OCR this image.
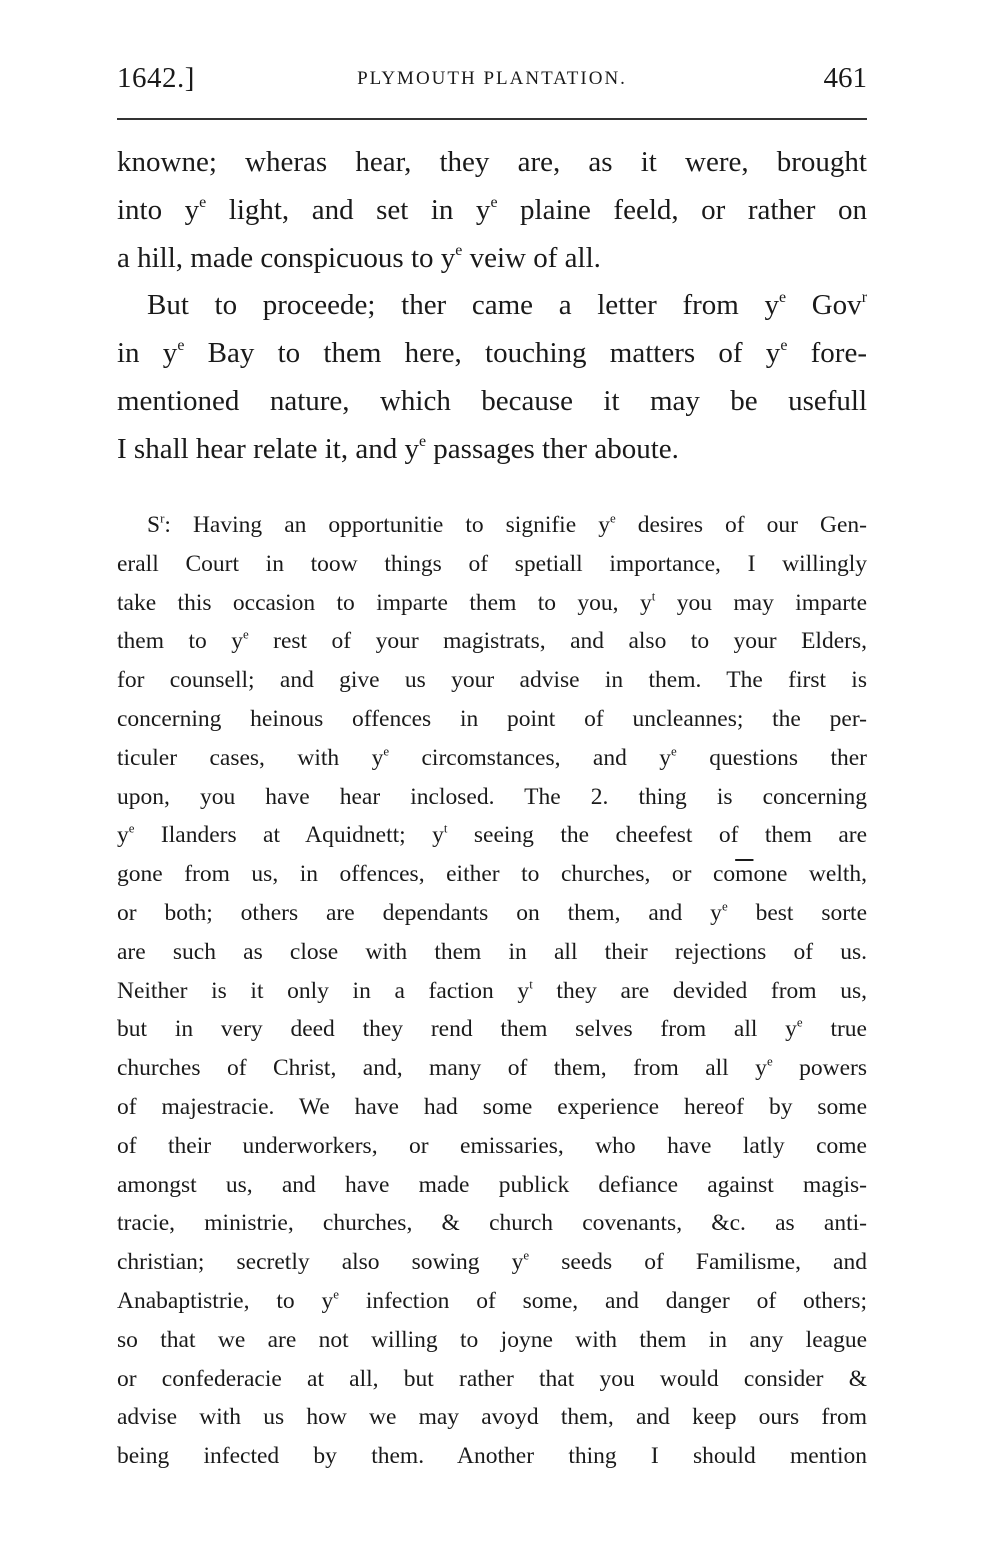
1642.]	PLYMOUTH PLANTATION.	461
knowne; wheras hear, they are, as it were, brought
into $y^e$ light, and set in $y^e$ plaine feeld, or rather on
a hill, made conspicuous to $y^e$ veiw of all.
But to proceede; ther came a letter from $y^e$ Gov$^r$
in $y^e$ Bay to them here, touching matters of $y^e$ fore-
mentioned nature, which because it may be usefull
I shall hear relate it, and $y^e$ passages ther aboute.
$S^r$: Having an opportunitie to signifie $y^e$ desires of our Gen-
erall Court in toow things of spetiall importance, I willingly
take this occasion to imparte them to you, $y^t$ you may imparte
them to $y^e$ rest of your magistrats, and also to your Elders,
for counsell; and give us your advise in them. The first is
concerning heinous offences in point of uncleannes; the per-
ticuler cases, with $y^e$ circomstances, and $y^e$ questions ther
upon, you have hear inclosed. The 2. thing is concerning
$y^e$ Ilanders at Aquidnett; $y^t$ seeing the cheefest of them are
gone from us, in offences, either to churches, or $co\overline{m}one$ welth,
or both; others are dependants on them, and $y^e$ best sorte
are such as close with them in all their rejections of us.
Neither is it only in a faction $y^t$ they are devided from us,
but in very deed they rend them selves from all $y^e$ true
churches of Christ, and, many of them, from all $y^e$ powers
of majestracie. We have had some experience hereof by some
of their underworkers, or emissaries, who have latly come
amongst us, and have made publick defiance against magis-
tracie, ministrie, churches, & church covenants, &c. as anti-
christian; secretly also sowing $y^e$ seeds of Familisme, and
Anabaptistrie, to $y^e$ infection of some, and danger of others;
so that we are not willing to joyne with them in any league
or confederacie at all, but rather that you would consider &
advise with us how we may avoyd them, and keep ours from
being infected by them. Another thing I should mention
